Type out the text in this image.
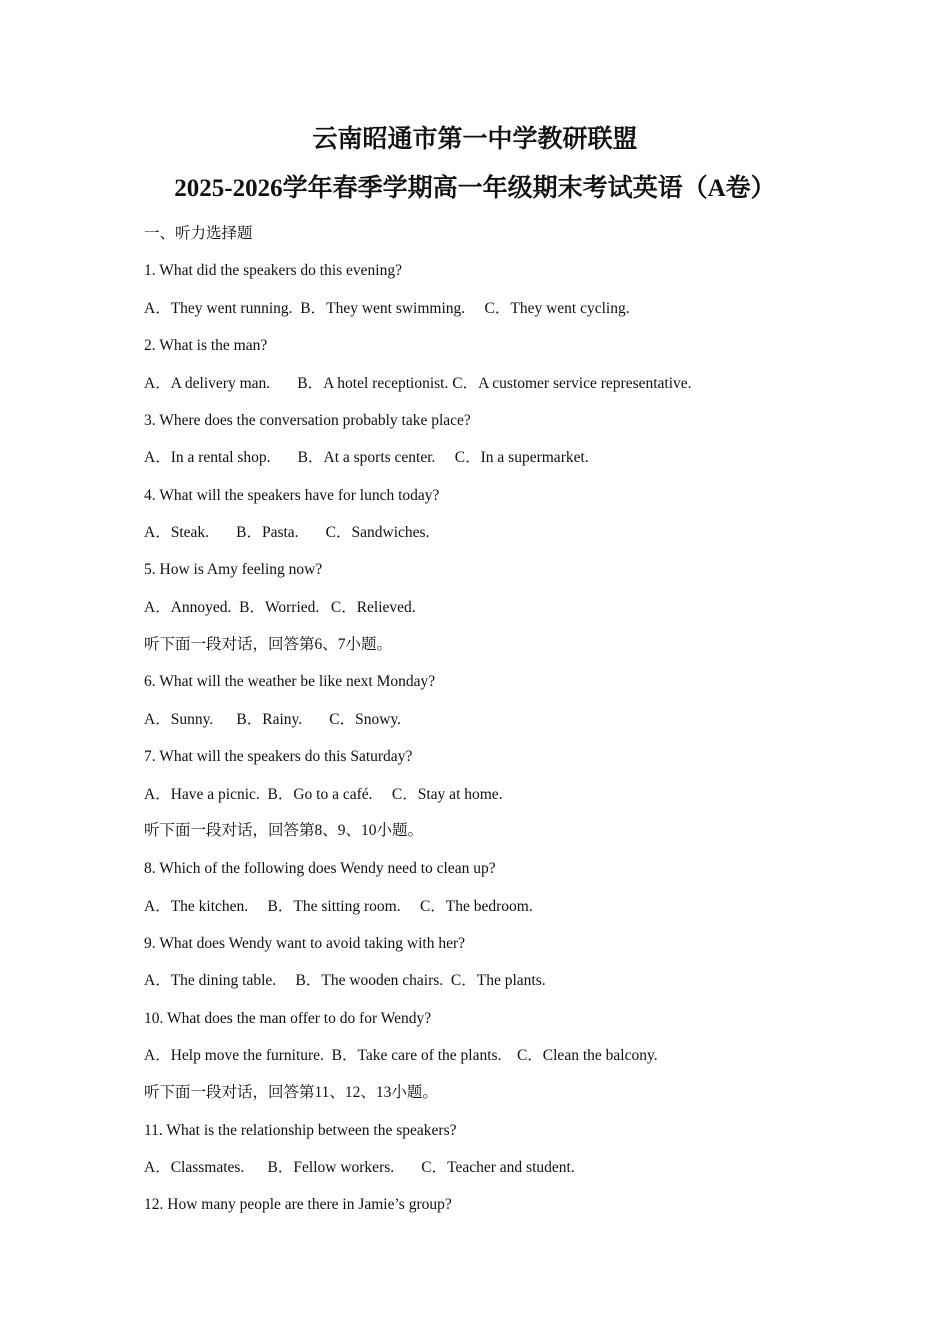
云南昭通市第一中学教研联盟
2025-2026学年春季学期高一年级期末考试英语（A卷）

一、听力选择题

1. What did the speakers do this evening?

A．They went running.  B．They went swimming.     C．They went cycling.

2. What is the man?

A．A delivery man.       B．A hotel receptionist. C．A customer service representative.

3. Where does the conversation probably take place?

A．In a rental shop.       B．At a sports center.     C．In a supermarket.

4. What will the speakers have for lunch today?

A．Steak.       B．Pasta.       C．Sandwiches.

5. How is Amy feeling now?

A．Annoyed.  B．Worried.   C．Relieved.

听下面一段对话，回答第6、7小题。

6. What will the weather be like next Monday?

A．Sunny.      B．Rainy.       C．Snowy.

7. What will the speakers do this Saturday?

A．Have a picnic.  B．Go to a café.     C．Stay at home.

听下面一段对话，回答第8、9、10小题。

8. Which of the following does Wendy need to clean up?

A．The kitchen.     B．The sitting room.     C．The bedroom.

9. What does Wendy want to avoid taking with her?

A．The dining table.     B．The wooden chairs.  C．The plants.

10. What does the man offer to do for Wendy?

A．Help move the furniture.  B．Take care of the plants.    C．Clean the balcony.

听下面一段对话，回答第11、12、13小题。

11. What is the relationship between the speakers?

A．Classmates.      B．Fellow workers.       C．Teacher and student.

12. How many people are there in Jamie’s group?
